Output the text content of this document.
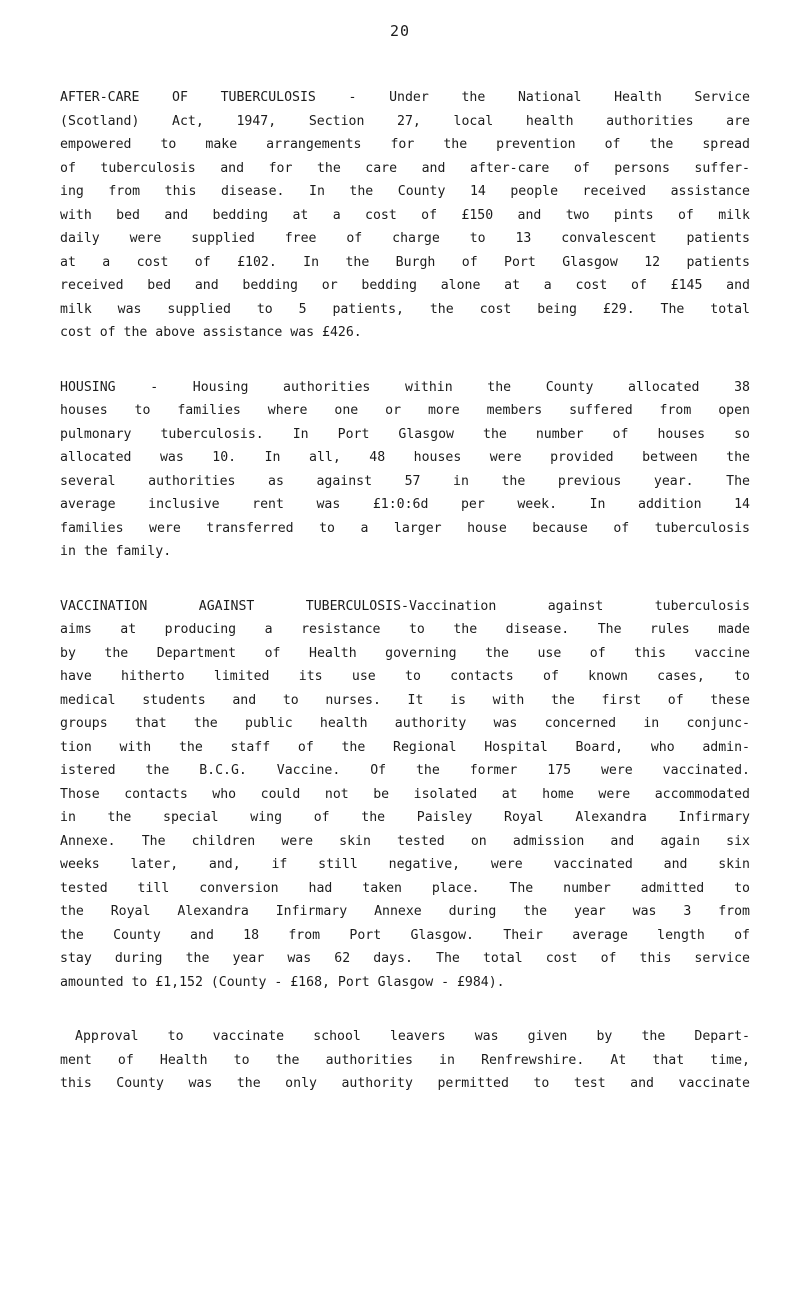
20
AFTER-CARE OF TUBERCULOSIS - Under the National Health Service
(Scotland) Act, 1947, Section 27, local health authorities are
empowered to make arrangements for the prevention of the spread
of tuberculosis and for the care and after-care of persons suffer-
ing from this disease. In the County 14 people received assistance
with bed and bedding at a cost of £150 and two pints of milk
daily were supplied free of charge to 13 convalescent patients
at a cost of £102. In the Burgh of Port Glasgow 12 patients
received bed and bedding or bedding alone at a cost of £145 and
milk was supplied to 5 patients, the cost being £29. The total
cost of the above assistance was £426.
HOUSING - Housing authorities within the County allocated 38
houses to families where one or more members suffered from open
pulmonary tuberculosis. In Port Glasgow the number of houses so
allocated was 10. In all, 48 houses were provided between the
several authorities as against 57 in the previous year. The
average inclusive rent was £1:0:6d per week. In addition 14
families were transferred to a larger house because of tuberculosis
in the family.
VACCINATION AGAINST TUBERCULOSIS-Vaccination against tuberculosis
aims at producing a resistance to the disease. The rules made
by the Department of Health governing the use of this vaccine
have hitherto limited its use to contacts of known cases, to
medical students and to nurses. It is with the first of these
groups that the public health authority was concerned in conjunc-
tion with the staff of the Regional Hospital Board, who admin-
istered the B.C.G. Vaccine. Of the former 175 were vaccinated.
Those contacts who could not be isolated at home were accommodated
in the special wing of the Paisley Royal Alexandra Infirmary
Annexe. The children were skin tested on admission and again six
weeks later, and, if still negative, were vaccinated and skin
tested till conversion had taken place. The number admitted to
the Royal Alexandra Infirmary Annexe during the year was 3 from
the County and 18 from Port Glasgow. Their average length of
stay during the year was 62 days. The total cost of this service
amounted to £1,152 (County - £168, Port Glasgow - £984).
Approval to vaccinate school leavers was given by the Depart-
ment of Health to the authorities in Renfrewshire. At that time,
this County was the only authority permitted to test and vaccinate
